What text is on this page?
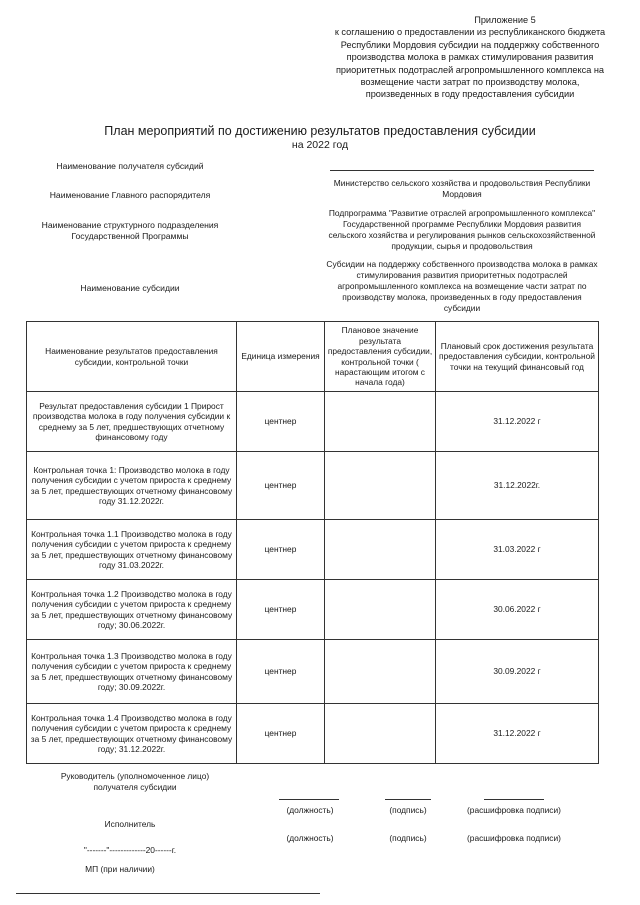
Приложение 5
к соглашению о предоставлении из республиканского бюджета Республики Мордовия субсидии на поддержку собственного производства молока в рамках стимулирования развития приоритетных подотраслей агропромышленного комплекса на возмещение части затрат по производству молока, произведенных в году предоставления субсидии
План мероприятий по достижению результатов предоставления субсидии
на 2022 год
Наименование получателя субсидий
Наименование Главного распорядителя
Министерство сельского хозяйства и продовольствия Республики Мордовия
Наименование структурного подразделения Государственной Программы
Подпрограмма "Развитие отраслей агропромышленного комплекса" Государственной программе Республики Мордовия развития сельского хозяйства и регулирования рынков сельскохозяйственной продукции, сырья и продовольствия
Наименование субсидии
Субсидии на поддержку собственного производства молока в рамках стимулирования развития приоритетных подотраслей агропромышленного комплекса на возмещение части затрат по производству молока, произведенных в году предоставления субсидии
Наименование результатов предоставления субсидии, контрольной точки	Единица измерения	Плановое значение результата предоставления субсидии, контрольной точки ( нарастающим итогом с начала года)	Плановый срок достижения результата предоставления субсидии, контрольной точки на текущий финансовый год
Результат предоставления субсидии 1 Прирост производства молока в году получения субсидии к среднему за 5 лет, предшествующих отчетному финансовому году	центнер		31.12.2022 г
Контрольная точка 1: Производство молока в году получения субсидии с учетом прироста к среднему за 5 лет, предшествующих отчетному финансовому году 31.12.2022г.	центнер		31.12.2022г.
Контрольная точка 1.1 Производство молока в году получения субсидии с учетом прироста к среднему за 5 лет, предшествующих отчетному финансовому году 31.03.2022г.	центнер		31.03.2022 г
Контрольная точка 1.2 Производство молока в году получения субсидии с учетом прироста к среднему за 5 лет, предшествующих отчетному финансовому году; 30.06.2022г.	центнер		30.06.2022 г
Контрольная точка 1.3 Производство молока в году получения субсидии с учетом прироста к среднему за 5 лет, предшествующих отчетному финансовому году; 30.09.2022г.	центнер		30.09.2022 г
Контрольная точка 1.4 Производство молока в году получения субсидии с учетом прироста к среднему за 5 лет, предшествующих отчетному финансовому году; 31.12.2022г.	центнер		31.12.2022 г
Руководитель (уполномоченное лицо) получателя субсидии
(должность)	(подпись)	(расшифровка подписи)
Исполнитель
(должность)	(подпись)	(расшифровка подписи)
"-------"-------------20------г.
МП (при наличии)
